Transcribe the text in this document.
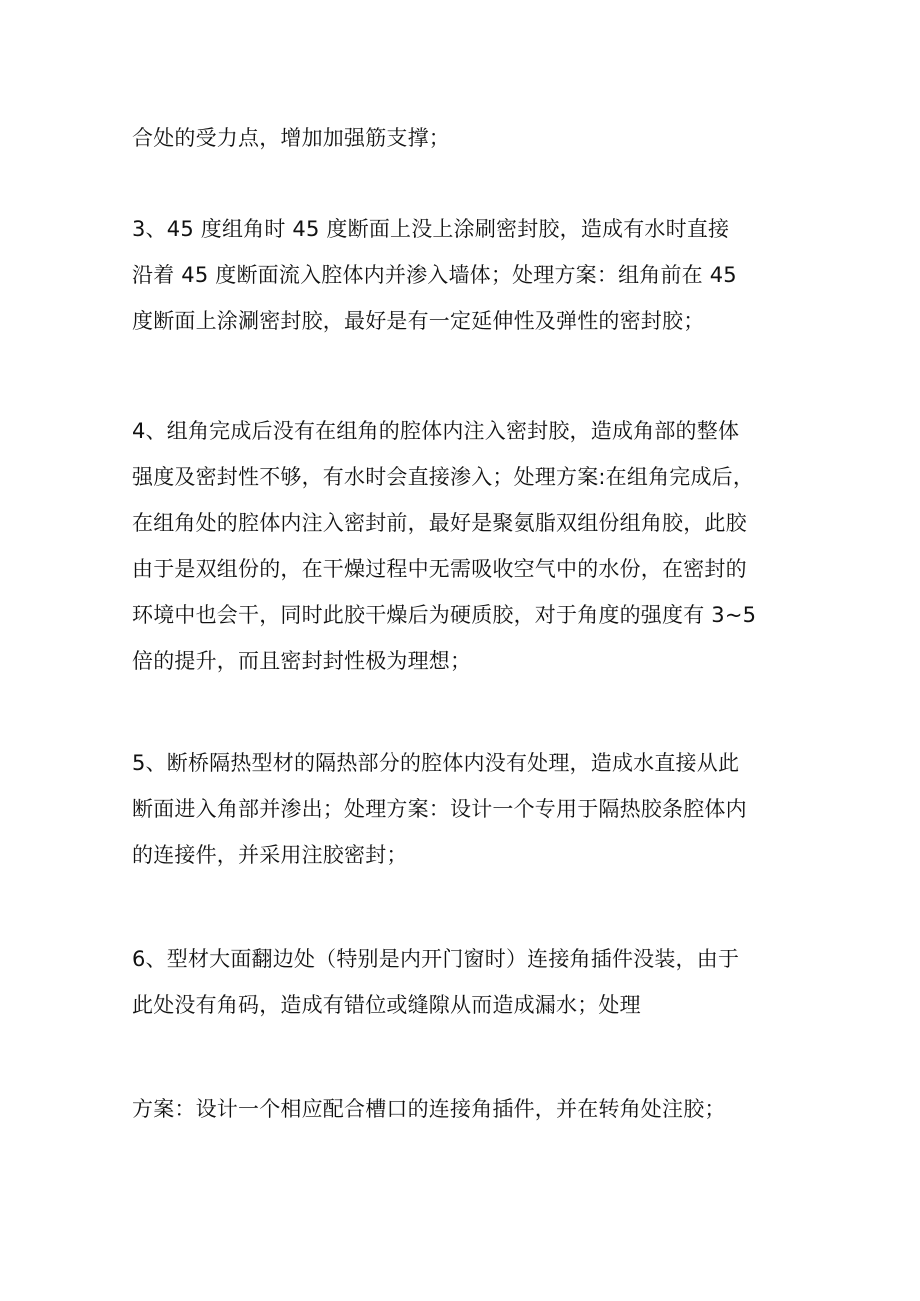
合处的受力点，增加加强筋支撑；

3、45 度组角时 45 度断面上没上涂刷密封胶，造成有水时直接
沿着 45 度断面流入腔体内并渗入墙体；处理方案：组角前在 45
度断面上涂涮密封胶，最好是有一定延伸性及弹性的密封胶；

4、组角完成后没有在组角的腔体内注入密封胶，造成角部的整体
强度及密封性不够，有水时会直接渗入；处理方案:在组角完成后，
在组角处的腔体内注入密封前，最好是聚氨脂双组份组角胶，此胶
由于是双组份的，在干燥过程中无需吸收空气中的水份，在密封的
环境中也会干，同时此胶干燥后为硬质胶，对于角度的强度有 3~5
倍的提升，而且密封封性极为理想；

5、断桥隔热型材的隔热部分的腔体内没有处理，造成水直接从此
断面进入角部并渗出；处理方案：设计一个专用于隔热胶条腔体内
的连接件，并采用注胶密封；

6、型材大面翻边处（特别是内开门窗时）连接角插件没装，由于
此处没有角码，造成有错位或缝隙从而造成漏水；处理

方案：设计一个相应配合槽口的连接角插件，并在转角处注胶；
